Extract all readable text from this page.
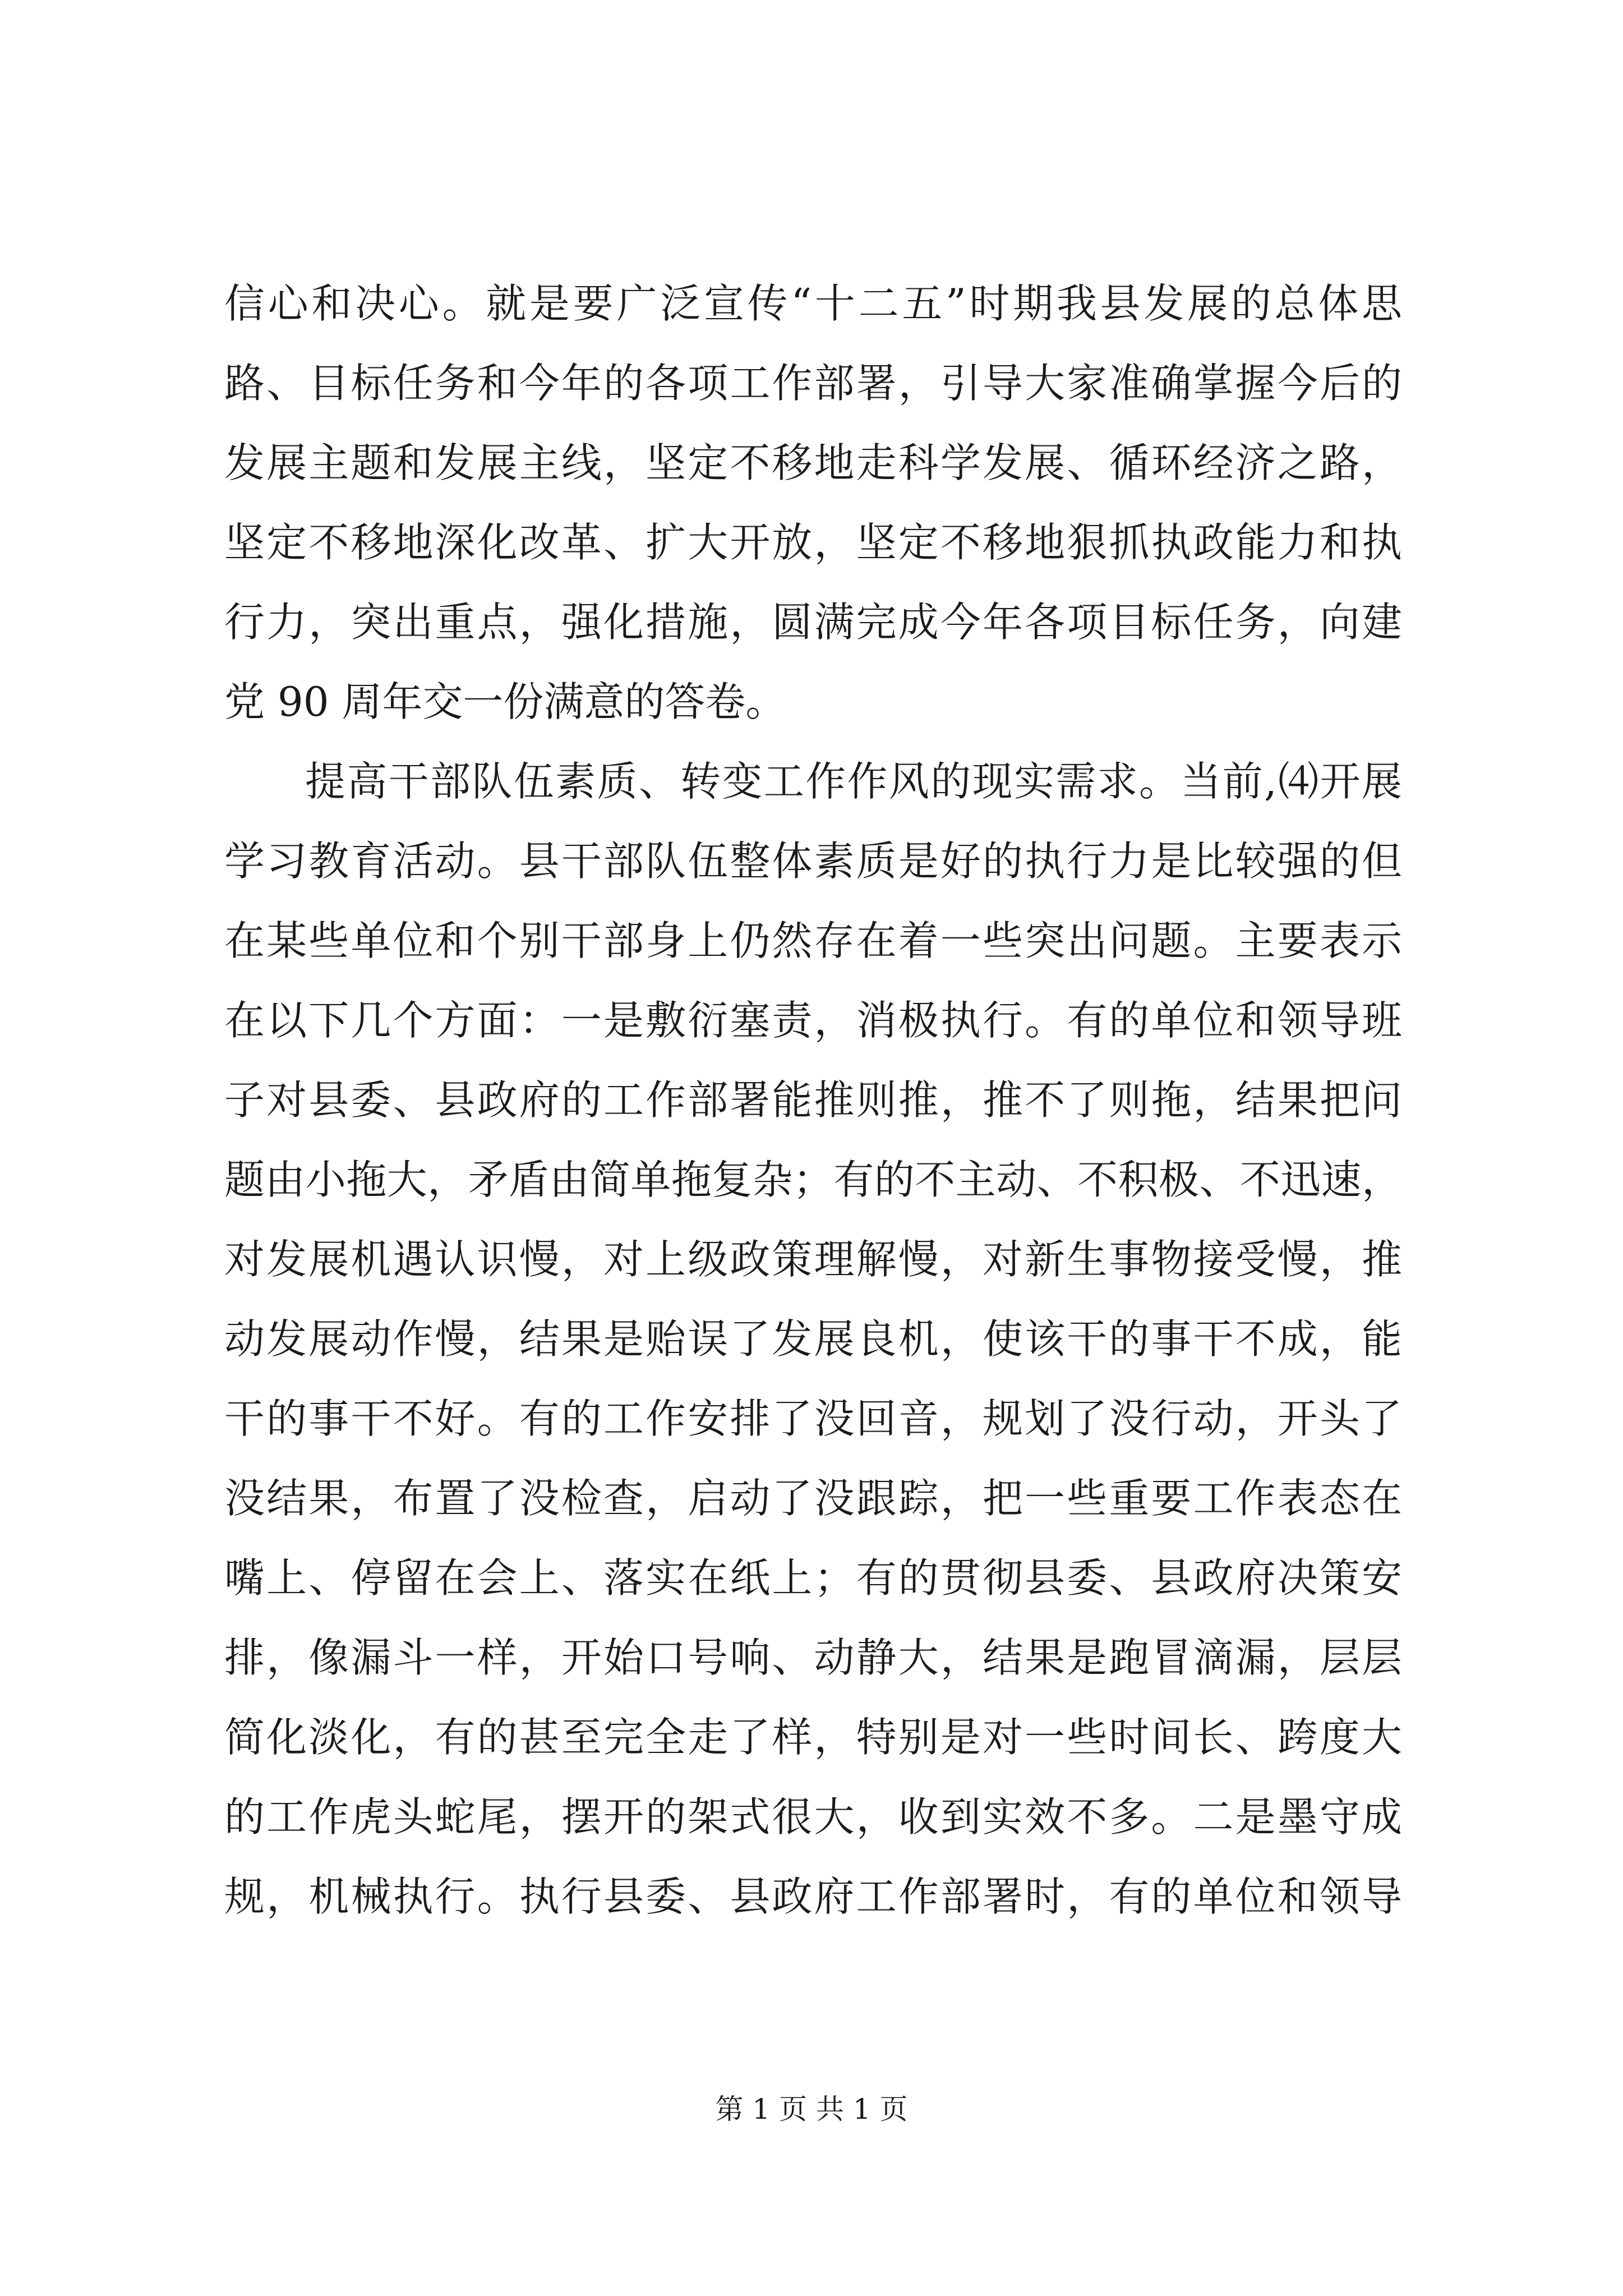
信心和决心。就是要广泛宣传“十二五”时期我县发展的总体思
路、目标任务和今年的各项工作部署，引导大家准确掌握今后的
发展主题和发展主线，坚定不移地走科学发展、循环经济之路，
坚定不移地深化改革、扩大开放，坚定不移地狠抓执政能力和执
行力，突出重点，强化措施，圆满完成今年各项目标任务，向建
党 90 周年交一份满意的答卷。
提高干部队伍素质、转变工作作风的现实需求。当前,⑷开展
学习教育活动。县干部队伍整体素质是好的执行力是比较强的但
在某些单位和个别干部身上仍然存在着一些突出问题。主要表示
在以下几个方面：一是敷衍塞责，消极执行。有的单位和领导班
子对县委、县政府的工作部署能推则推，推不了则拖，结果把问
题由小拖大，矛盾由简单拖复杂；有的不主动、不积极、不迅速，
对发展机遇认识慢，对上级政策理解慢，对新生事物接受慢，推
动发展动作慢，结果是贻误了发展良机，使该干的事干不成，能
干的事干不好。有的工作安排了没回音，规划了没行动，开头了
没结果，布置了没检查，启动了没跟踪，把一些重要工作表态在
嘴上、停留在会上、落实在纸上；有的贯彻县委、县政府决策安
排，像漏斗一样，开始口号响、动静大，结果是跑冒滴漏，层层
简化淡化，有的甚至完全走了样，特别是对一些时间长、跨度大
的工作虎头蛇尾，摆开的架式很大，收到实效不多。二是墨守成
规，机械执行。执行县委、县政府工作部署时，有的单位和领导
第 1 页 共 1 页
